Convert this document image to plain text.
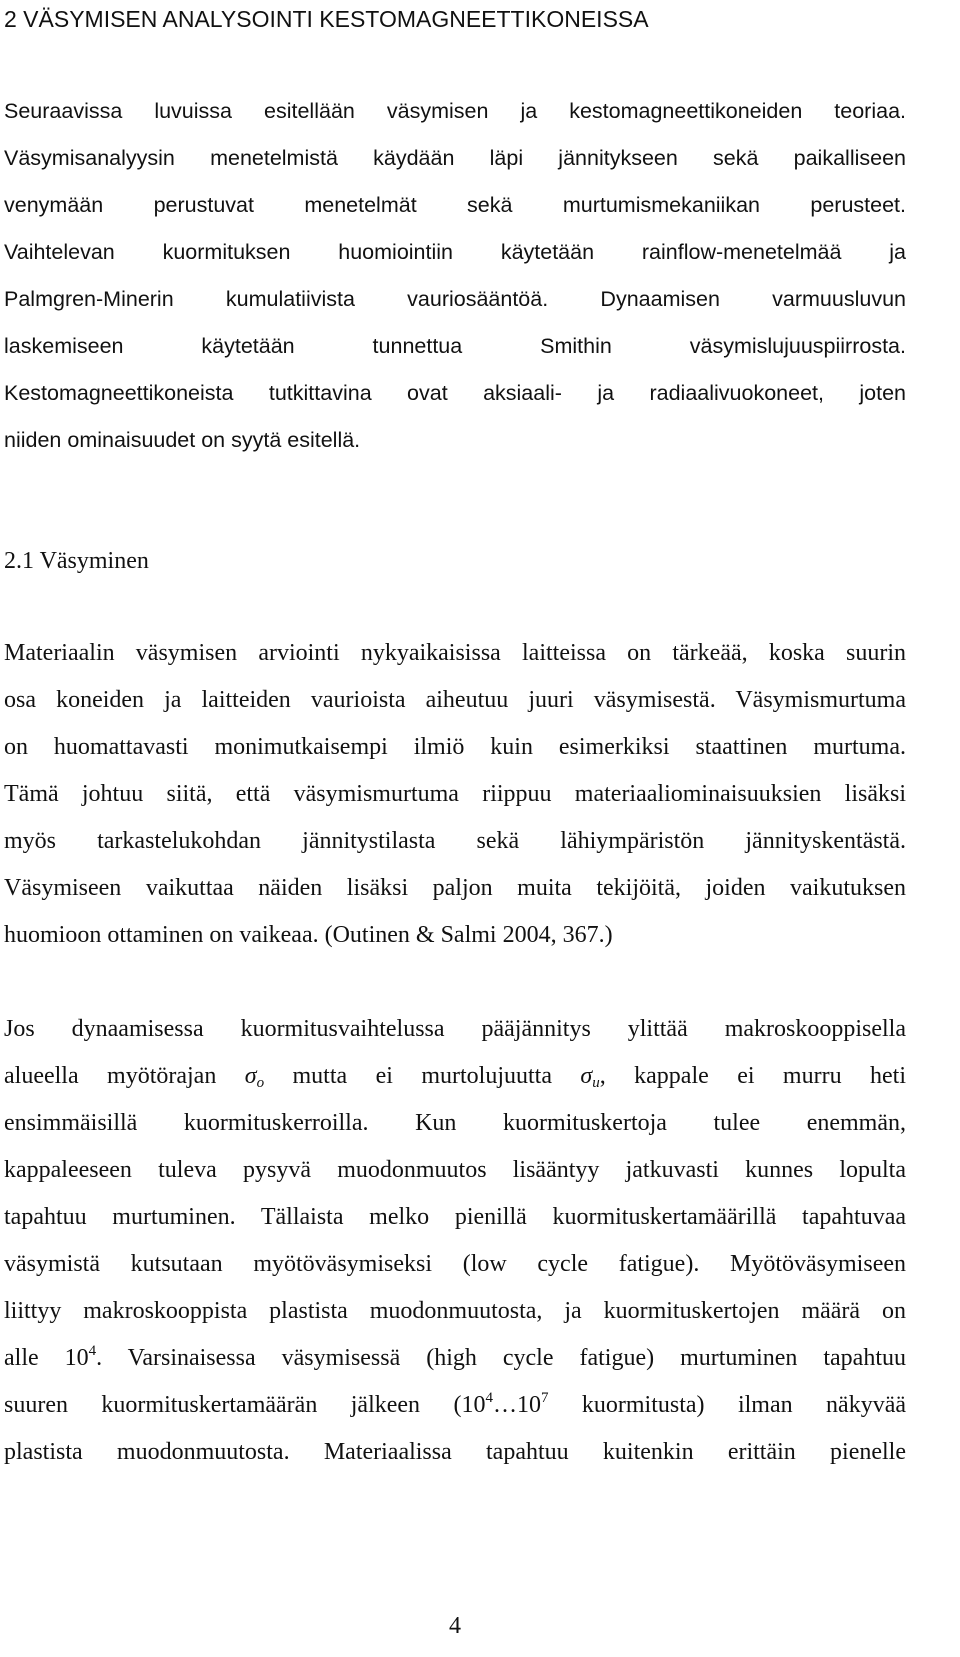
2 VÄSYMISEN ANALYSOINTI KESTOMAGNEETTIKONEISSA
Seuraavissa luvuissa esitellään väsymisen ja kestomagneettikoneiden teoriaa.
Väsymisanalyysin menetelmistä käydään läpi jännitykseen sekä paikalliseen
venymään perustuvat menetelmät sekä murtumismekaniikan perusteet.
Vaihtelevan kuormituksen huomiointiin käytetään rainflow-menetelmää ja
Palmgren-Minerin kumulatiivista vauriosääntöä. Dynaamisen varmuusluvun
laskemiseen käytetään tunnettua Smithin väsymislujuuspiirrosta.
Kestomagneettikoneista tutkittavina ovat aksiaali- ja radiaalivuokoneet, joten
niiden ominaisuudet on syytä esitellä.
2.1 Väsyminen
Materiaalin väsymisen arviointi nykyaikaisissa laitteissa on tärkeää, koska suurin
osa koneiden ja laitteiden vaurioista aiheutuu juuri väsymisestä. Väsymismurtuma
on huomattavasti monimutkaisempi ilmiö kuin esimerkiksi staattinen murtuma.
Tämä johtuu siitä, että väsymismurtuma riippuu materiaaliominaisuuksien lisäksi
myös tarkastelukohdan jännitystilasta sekä lähiympäristön jännityskentästä.
Väsymiseen vaikuttaa näiden lisäksi paljon muita tekijöitä, joiden vaikutuksen
huomioon ottaminen on vaikeaa. (Outinen & Salmi 2004, 367.)
Jos dynaamisessa kuormitusvaihtelussa pääjännitys ylittää makroskooppisella
alueella myötörajan $\sigma_o$ mutta ei murtolujuutta $\sigma_u$, kappale ei murru heti
ensimmäisillä kuormituskerroilla. Kun kuormituskertoja tulee enemmän,
kappaleeseen tuleva pysyvä muodonmuutos lisääntyy jatkuvasti kunnes lopulta
tapahtuu murtuminen. Tällaista melko pienillä kuormituskertamäärillä tapahtuvaa
väsymistä kutsutaan myötöväsymiseksi (low cycle fatigue). Myötöväsymiseen
liittyy makroskooppista plastista muodonmuutosta, ja kuormituskertojen määrä on
alle $10^4$. Varsinaisessa väsymisessä (high cycle fatigue) murtuminen tapahtuu
suuren kuormituskertamäärän jälkeen ($10^4\dots 10^7$ kuormitusta) ilman näkyvää
plastista muodonmuutosta. Materiaalissa tapahtuu kuitenkin erittäin pienelle
4
